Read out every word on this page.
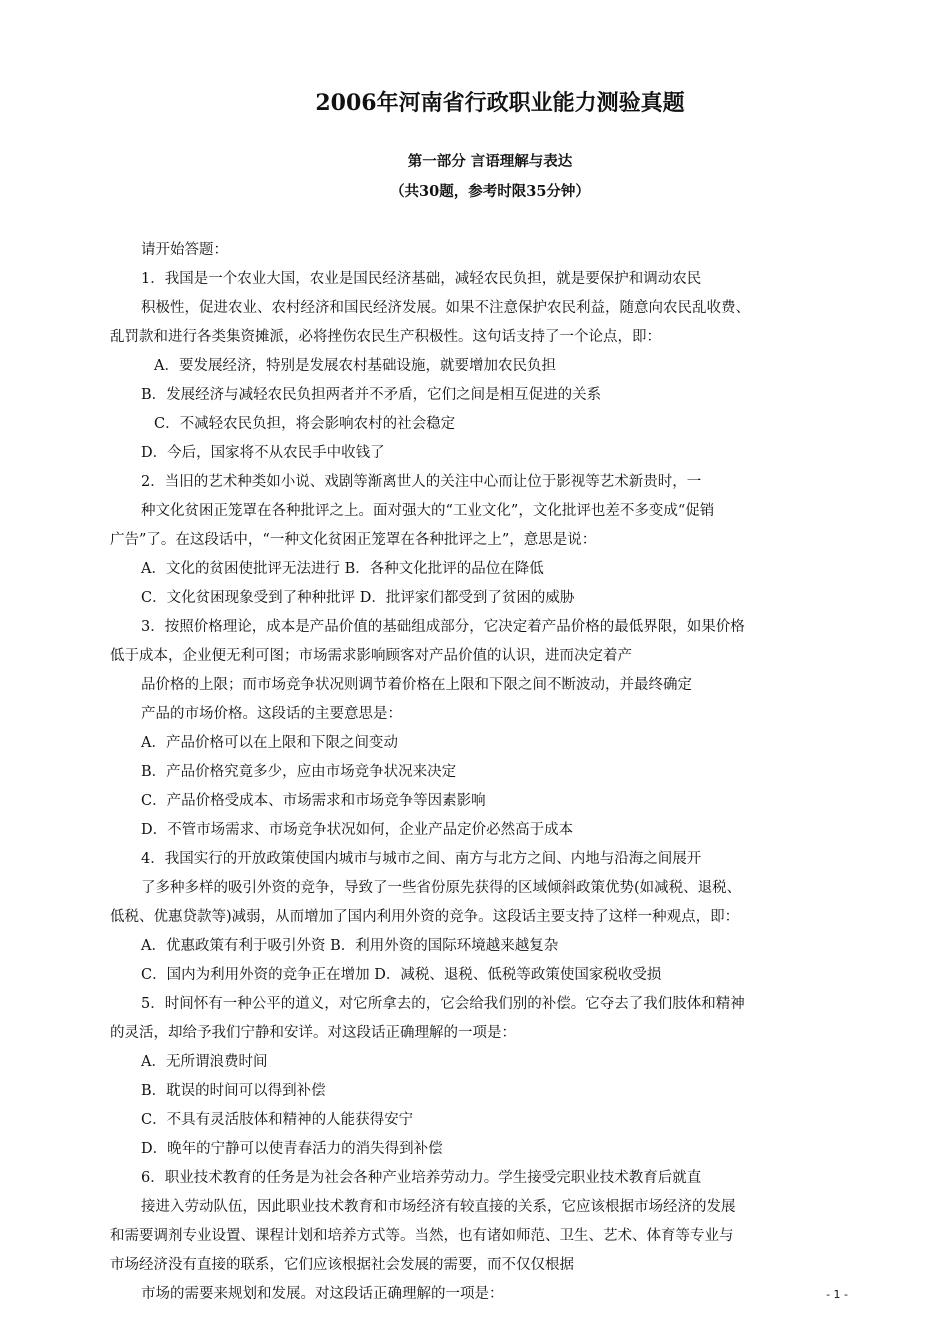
2006年河南省行政职业能力测验真题
第一部分 言语理解与表达
（共30题，参考时限35分钟）
请开始答题：
1．我国是一个农业大国，农业是国民经济基础，减轻农民负担，就是要保护和调动农民
积极性，促进农业、农村经济和国民经济发展。如果不注意保护农民利益，随意向农民乱收费、
乱罚款和进行各类集资摊派，必将挫伤农民生产积极性。这句话支持了一个论点，即：
A．要发展经济，特别是发展农村基础设施，就要增加农民负担
B．发展经济与减轻农民负担两者并不矛盾，它们之间是相互促进的关系
C．不减轻农民负担，将会影响农村的社会稳定
D．今后，国家将不从农民手中收钱了
2．当旧的艺术种类如小说、戏剧等渐离世人的关注中心而让位于影视等艺术新贵时，一
种文化贫困正笼罩在各种批评之上。面对强大的“工业文化”，文化批评也差不多变成“促销
广告”了。在这段话中，“一种文化贫困正笼罩在各种批评之上”，意思是说：
A．文化的贫困使批评无法进行 B．各种文化批评的品位在降低
C．文化贫困现象受到了种种批评 D．批评家们都受到了贫困的威胁
3．按照价格理论，成本是产品价值的基础组成部分，它决定着产品价格的最低界限，如果价格
低于成本，企业便无利可图；市场需求影响顾客对产品价值的认识，进而决定着产
品价格的上限；而市场竞争状况则调节着价格在上限和下限之间不断波动，并最终确定
产品的市场价格。这段话的主要意思是：
A．产品价格可以在上限和下限之间变动
B．产品价格究竟多少，应由市场竞争状况来决定
C．产品价格受成本、市场需求和市场竞争等因素影响
D．不管市场需求、市场竞争状况如何，企业产品定价必然高于成本
4．我国实行的开放政策使国内城市与城市之间、南方与北方之间、内地与沿海之间展开
了多种多样的吸引外资的竞争，导致了一些省份原先获得的区域倾斜政策优势(如减税、退税、
低税、优惠贷款等)减弱，从而增加了国内利用外资的竞争。这段话主要支持了这样一种观点，即：
A．优惠政策有利于吸引外资 B．利用外资的国际环境越来越复杂
C．国内为利用外资的竞争正在增加 D．减税、退税、低税等政策使国家税收受损
5．时间怀有一种公平的道义，对它所拿去的，它会给我们别的补偿。它夺去了我们肢体和精神
的灵活，却给予我们宁静和安详。对这段话正确理解的一项是：
A．无所谓浪费时间
B．耽误的时间可以得到补偿
C．不具有灵活肢体和精神的人能获得安宁
D．晚年的宁静可以使青春活力的消失得到补偿
6．职业技术教育的任务是为社会各种产业培养劳动力。学生接受完职业技术教育后就直
接进入劳动队伍，因此职业技术教育和市场经济有较直接的关系，它应该根据市场经济的发展
和需要调剂专业设置、课程计划和培养方式等。当然，也有诸如师范、卫生、艺术、体育等专业与
市场经济没有直接的联系，它们应该根据社会发展的需要，而不仅仅根据
市场的需要来规划和发展。对这段话正确理解的一项是：	- 1 -
